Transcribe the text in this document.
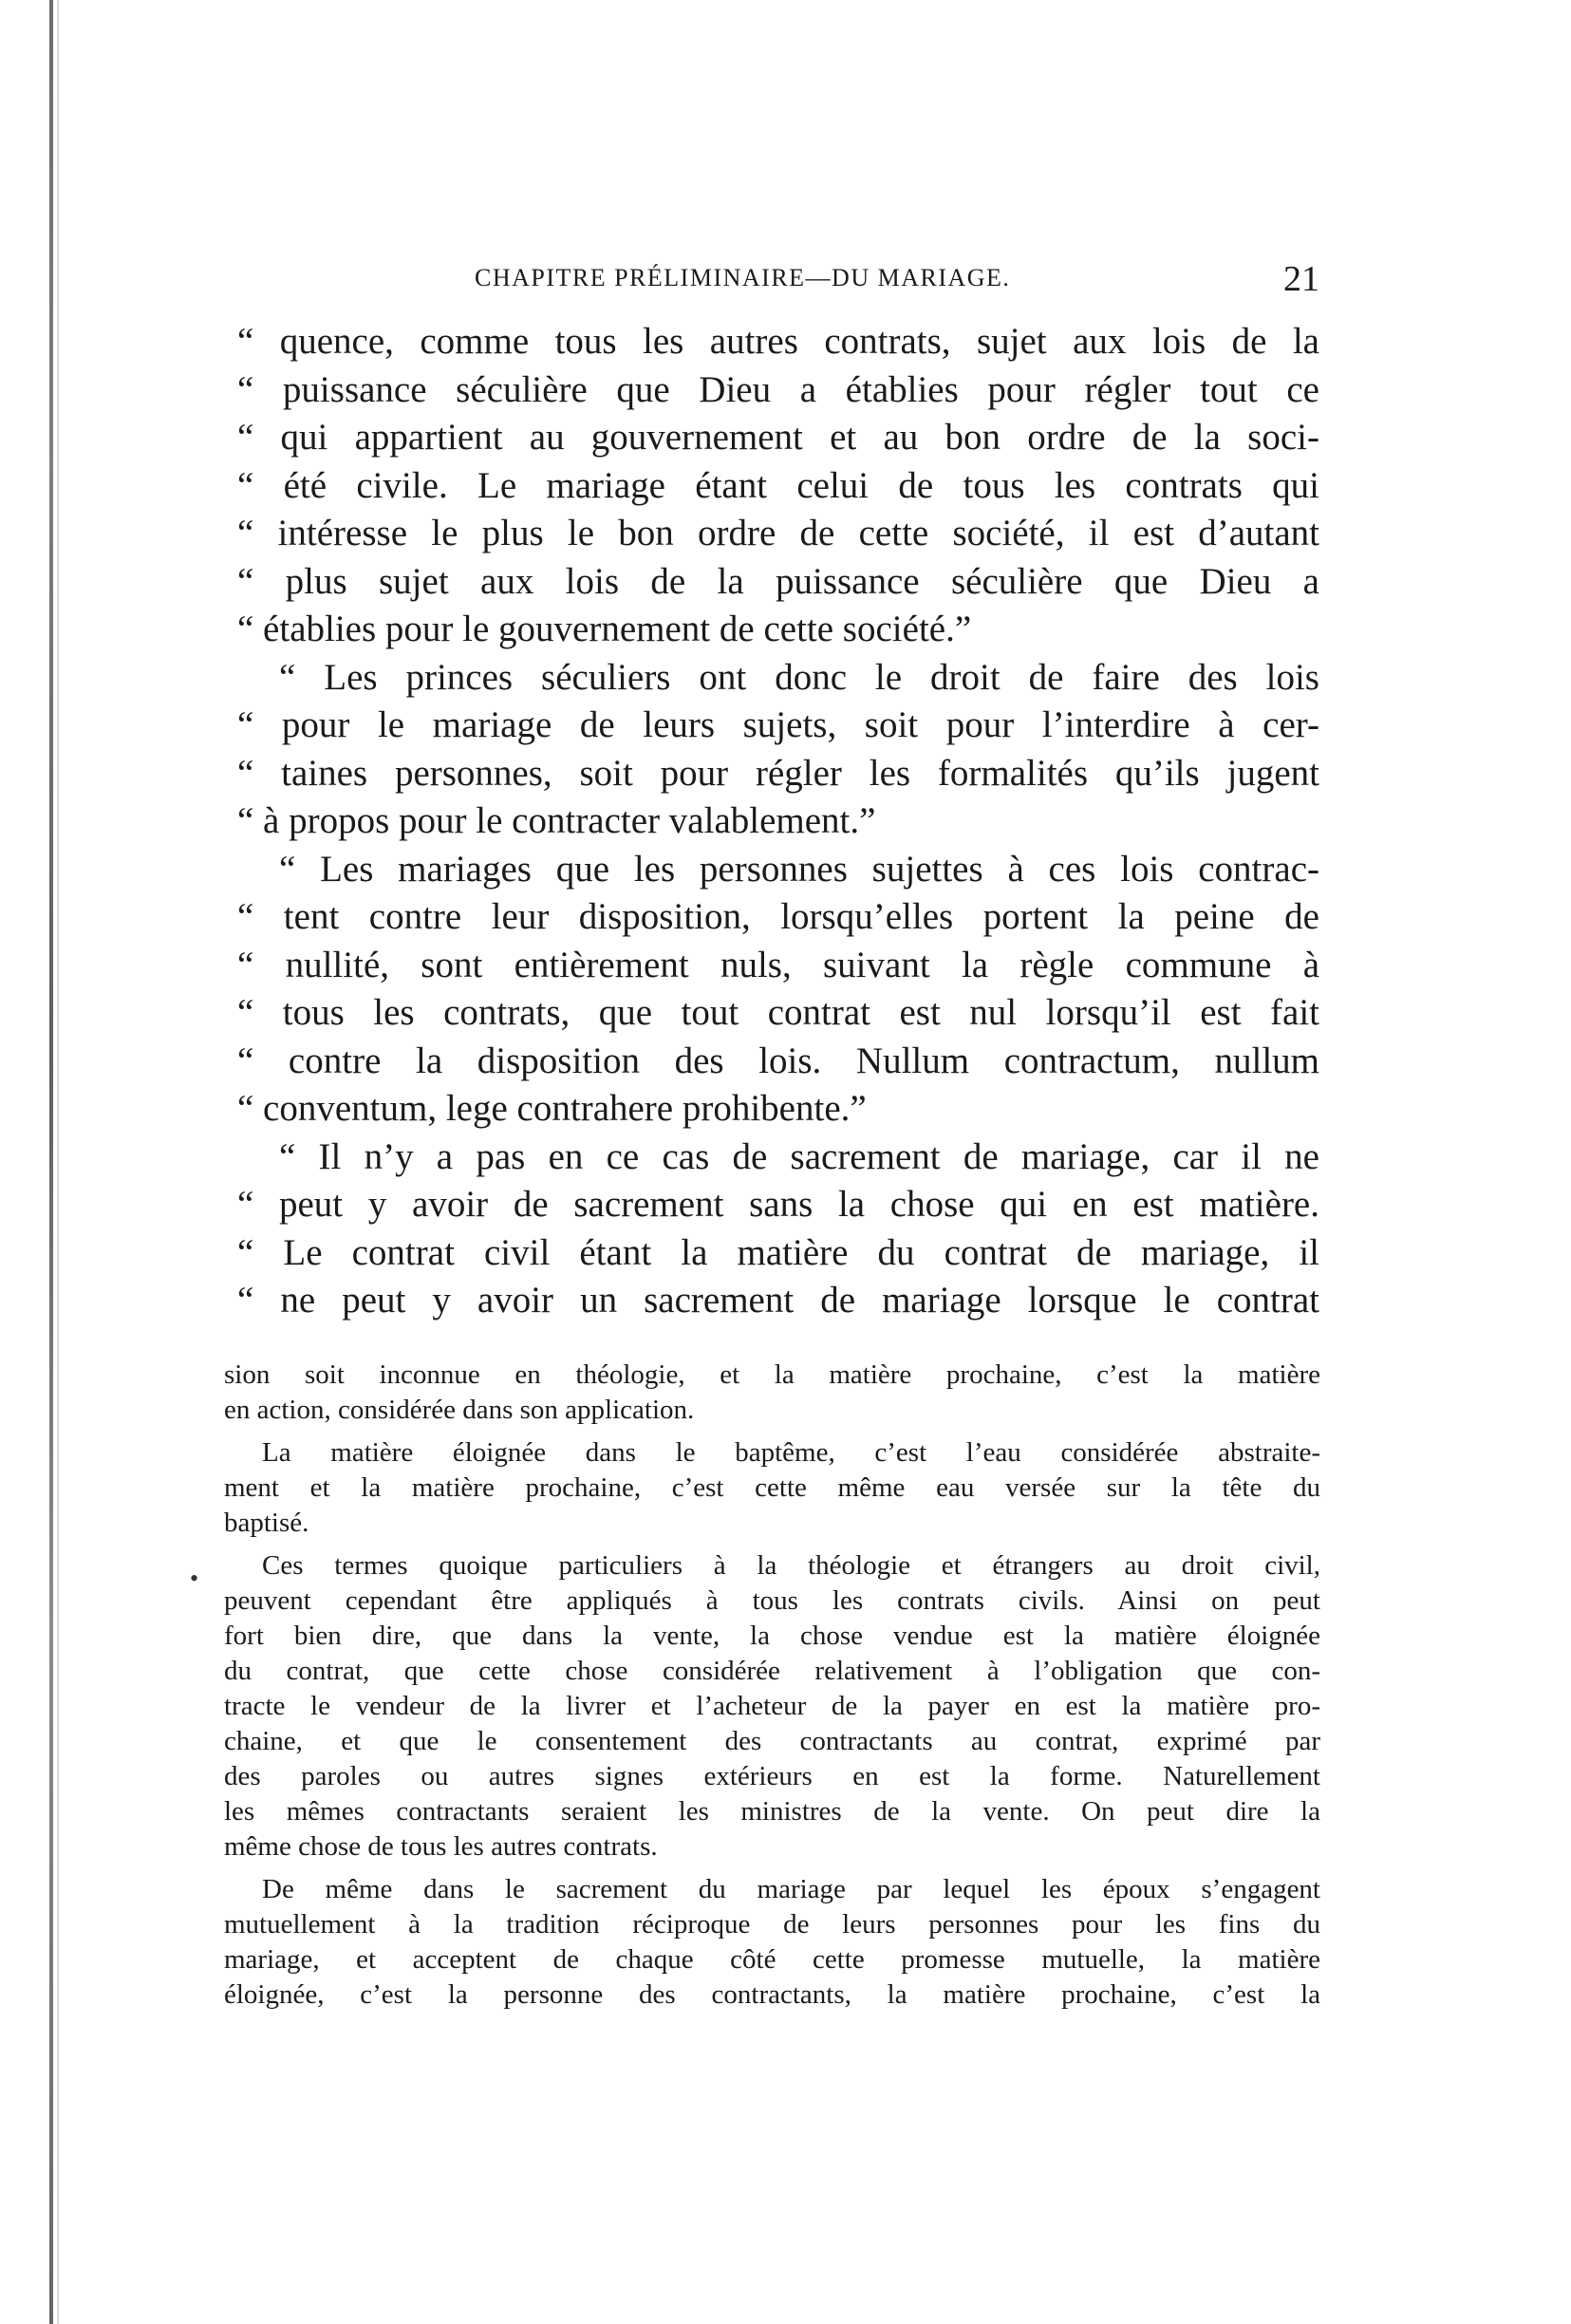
CHAPITRE PRÉLIMINAIRE—DU MARIAGE.	21
“ quence, comme tous les autres contrats, sujet aux lois de la
“ puissance séculière que Dieu a établies pour régler tout ce
“ qui appartient au gouvernement et au bon ordre de la soci-
“ été civile. Le mariage étant celui de tous les contrats qui
“ intéresse le plus le bon ordre de cette société, il est d’autant
“ plus sujet aux lois de la puissance séculière que Dieu a
“ établies pour le gouvernement de cette société.”
“ Les princes séculiers ont donc le droit de faire des lois
“ pour le mariage de leurs sujets, soit pour l’interdire à cer-
“ taines personnes, soit pour régler les formalités qu’ils jugent
“ à propos pour le contracter valablement.”
“ Les mariages que les personnes sujettes à ces lois contrac-
“ tent contre leur disposition, lorsqu’elles portent la peine de
“ nullité, sont entièrement nuls, suivant la règle commune à
“ tous les contrats, que tout contrat est nul lorsqu’il est fait
“ contre la disposition des lois. Nullum contractum, nullum
“ conventum, lege contrahere prohibente.”
“ Il n’y a pas en ce cas de sacrement de mariage, car il ne
“ peut y avoir de sacrement sans la chose qui en est matière.
“ Le contrat civil étant la matière du contrat de mariage, il
“ ne peut y avoir un sacrement de mariage lorsque le contrat
•
sion soit inconnue en théologie, et la matière prochaine, c’est la matière
en action, considérée dans son application.
La matière éloignée dans le baptême, c’est l’eau considérée abstraite-
ment et la matière prochaine, c’est cette même eau versée sur la tête du
baptisé.
Ces termes quoique particuliers à la théologie et étrangers au droit civil,
peuvent cependant être appliqués à tous les contrats civils. Ainsi on peut
fort bien dire, que dans la vente, la chose vendue est la matière éloignée
du contrat, que cette chose considérée relativement à l’obligation que con-
tracte le vendeur de la livrer et l’acheteur de la payer en est la matière pro-
chaine, et que le consentement des contractants au contrat, exprimé par
des paroles ou autres signes extérieurs en est la forme. Naturellement
les mêmes contractants seraient les ministres de la vente. On peut dire la
même chose de tous les autres contrats.
De même dans le sacrement du mariage par lequel les époux s’engagent
mutuellement à la tradition réciproque de leurs personnes pour les fins du
mariage, et acceptent de chaque côté cette promesse mutuelle, la matière
éloignée, c’est la personne des contractants, la matière prochaine, c’est la
